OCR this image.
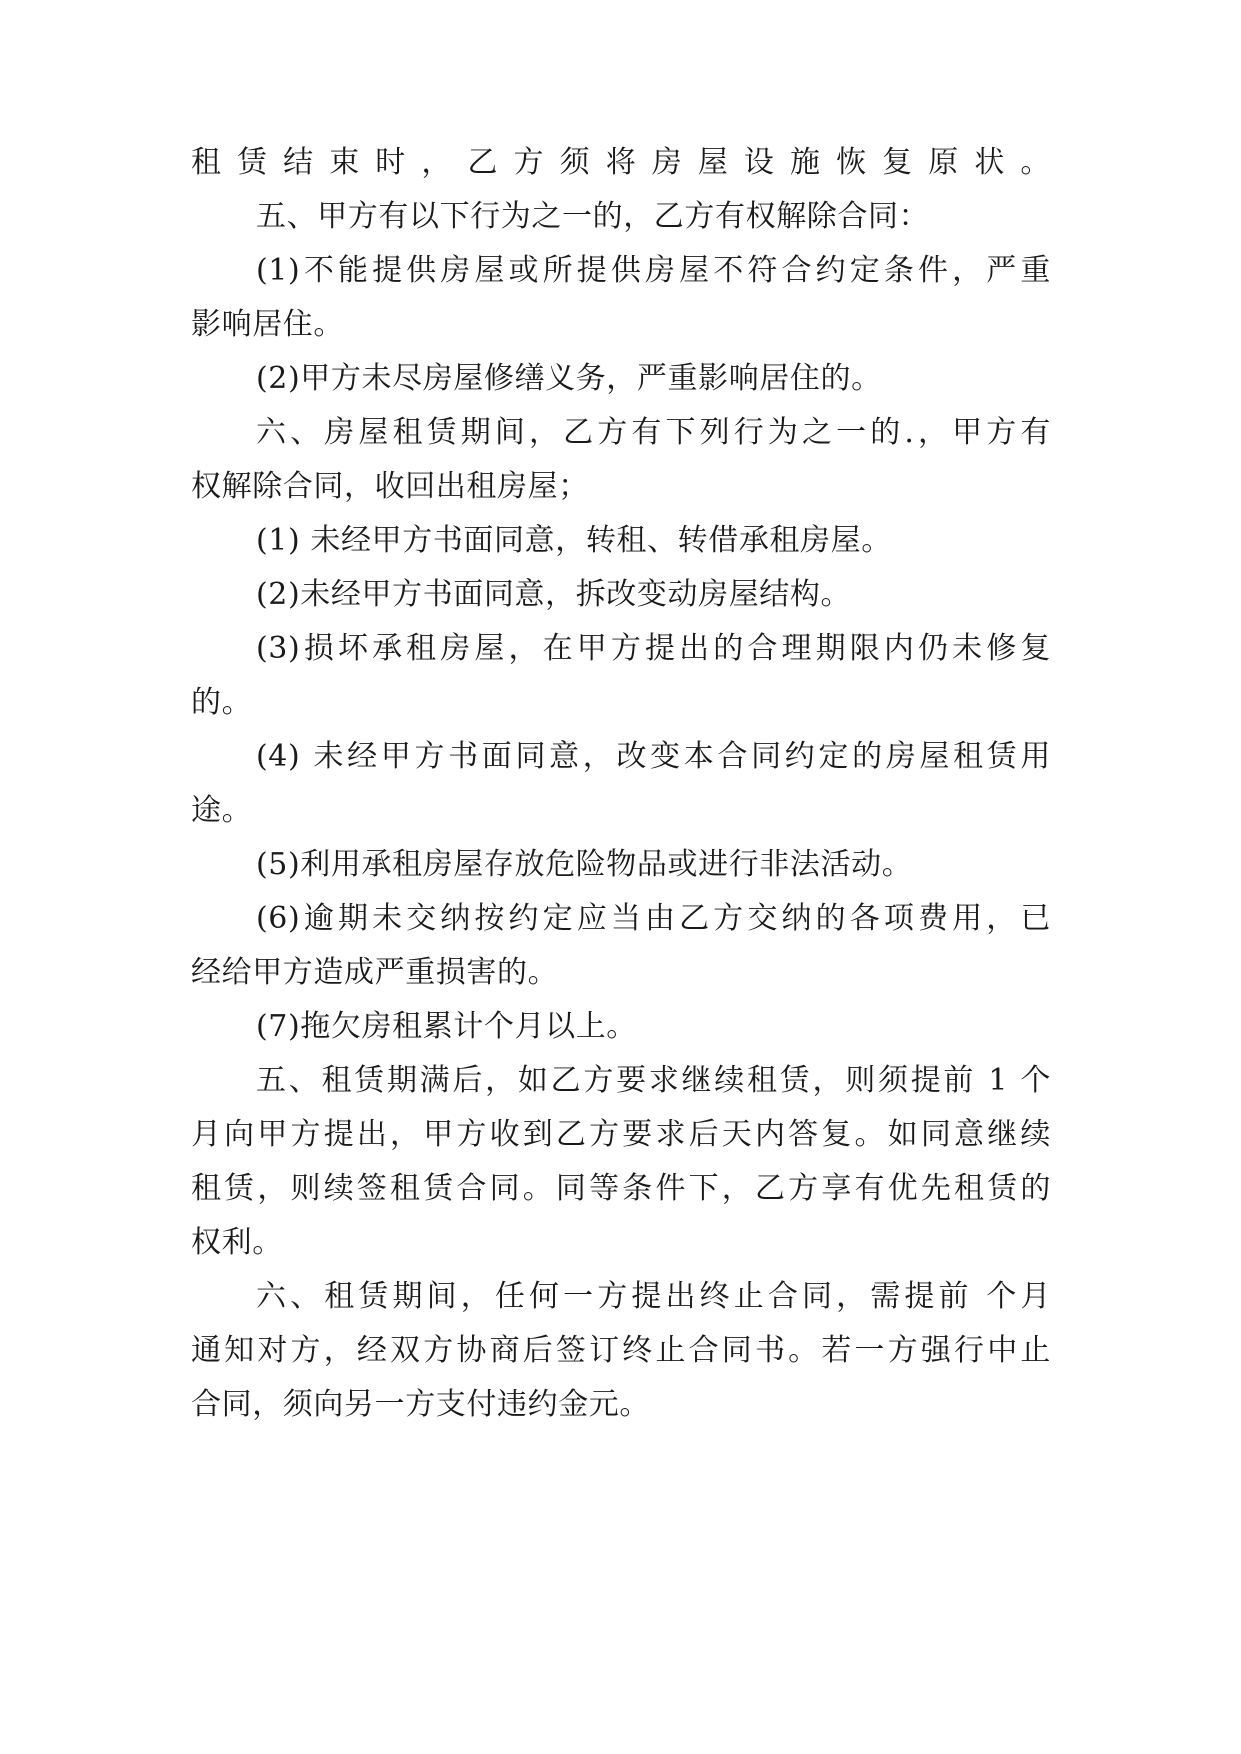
租赁结束时，乙方须将房屋设施恢复原状。
五、甲方有以下行为之一的，乙方有权解除合同：
(1)不能提供房屋或所提供房屋不符合约定条件，严重
影响居住。
(2)甲方未尽房屋修缮义务，严重影响居住的。
六、房屋租赁期间，乙方有下列行为之一的.，甲方有
权解除合同，收回出租房屋；
(1) 未经甲方书面同意，转租、转借承租房屋。
(2)未经甲方书面同意，拆改变动房屋结构。
(3)损坏承租房屋，在甲方提出的合理期限内仍未修复
的。
(4) 未经甲方书面同意，改变本合同约定的房屋租赁用
途。
(5)利用承租房屋存放危险物品或进行非法活动。
(6)逾期未交纳按约定应当由乙方交纳的各项费用，已
经给甲方造成严重损害的。
(7)拖欠房租累计个月以上。
五、租赁期满后，如乙方要求继续租赁，则须提前 1 个
月向甲方提出，甲方收到乙方要求后天内答复。如同意继续
租赁，则续签租赁合同。同等条件下，乙方享有优先租赁的
权利。
六、租赁期间，任何一方提出终止合同，需提前 个月
通知对方，经双方协商后签订终止合同书。若一方强行中止
合同，须向另一方支付违约金元。
